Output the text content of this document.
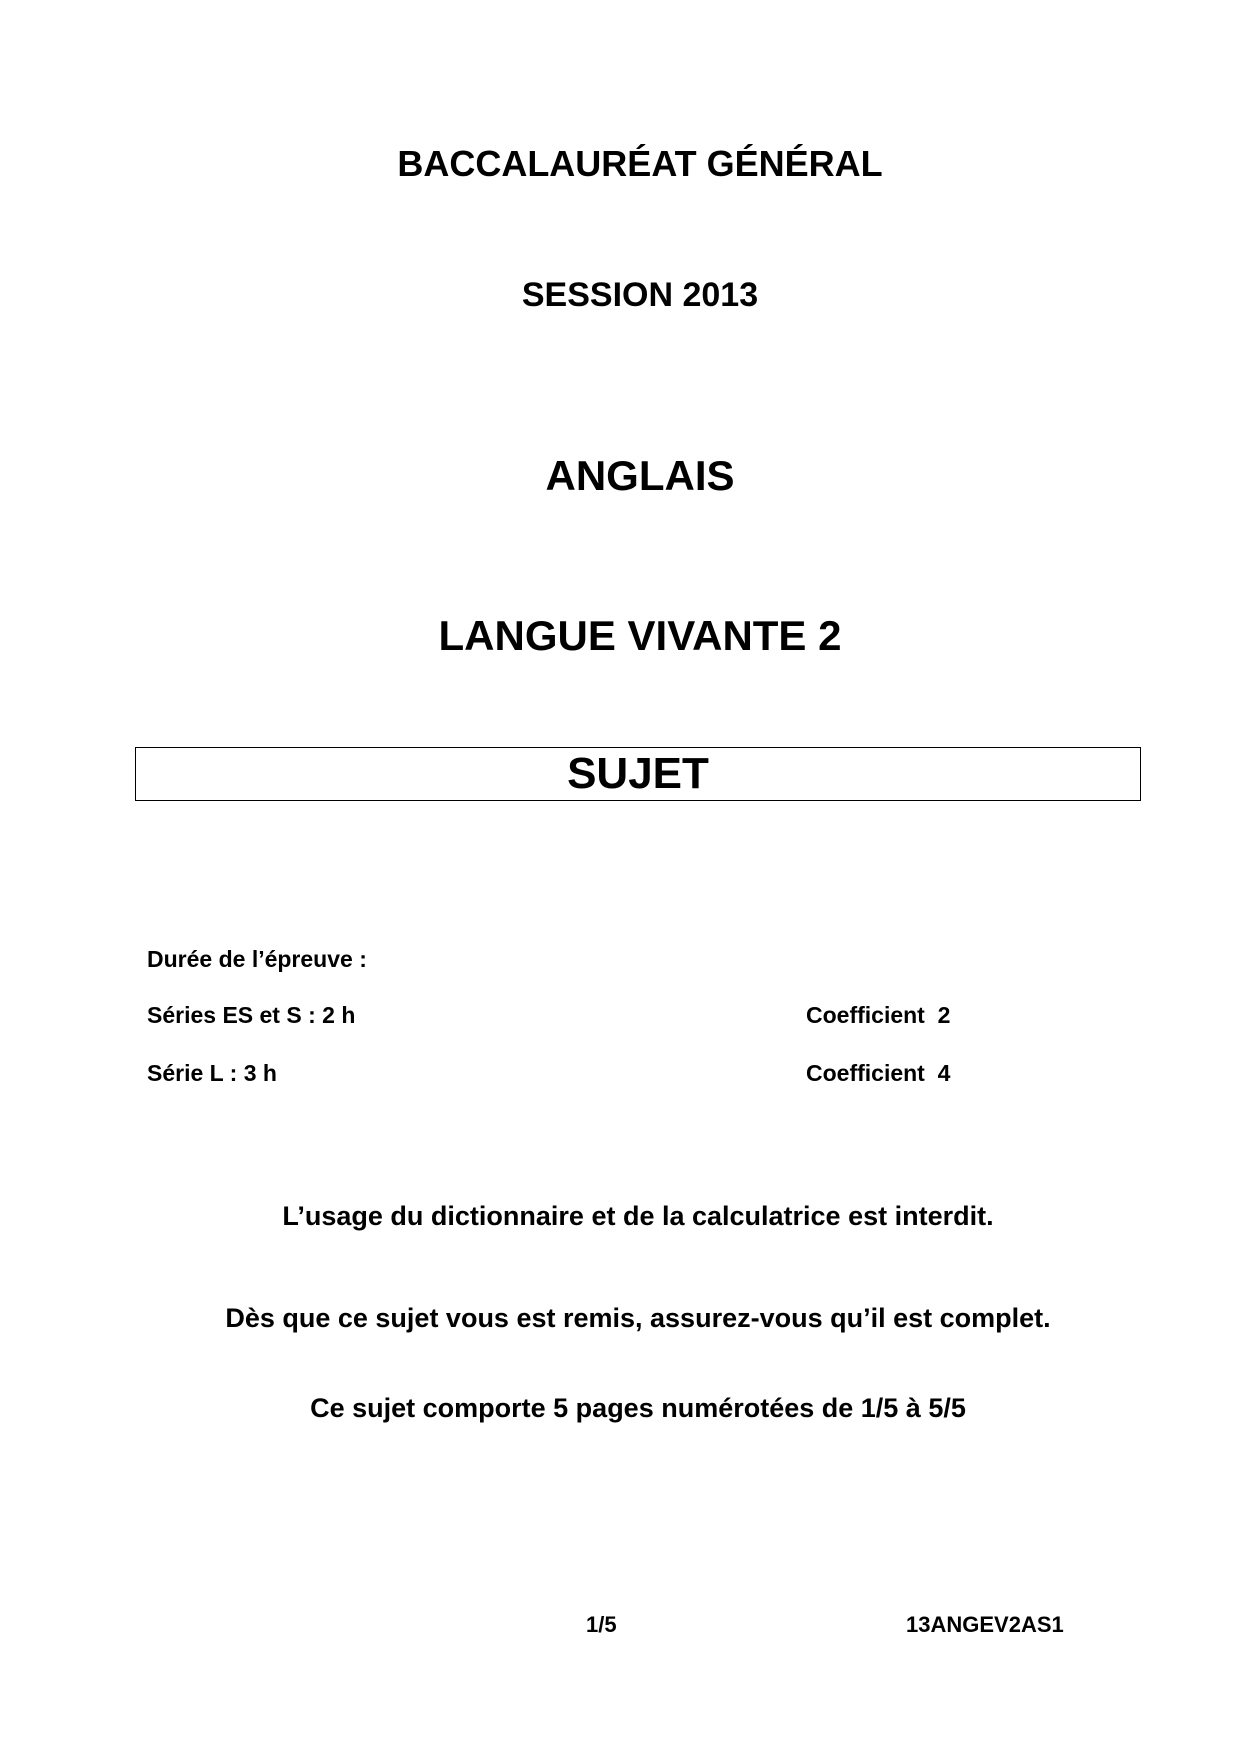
BACCALAURÉAT GÉNÉRAL
SESSION 2013
ANGLAIS
LANGUE VIVANTE 2
SUJET
Durée de l’épreuve :
Séries ES et S : 2 h	Coefficient  2
Série L : 3 h	Coefficient  4

L’usage du dictionnaire et de la calculatrice est interdit.

Dès que ce sujet vous est remis, assurez-vous qu’il est complet.

Ce sujet comporte 5 pages numérotées de 1/5 à 5/5

1/5	13ANGEV2AS1
